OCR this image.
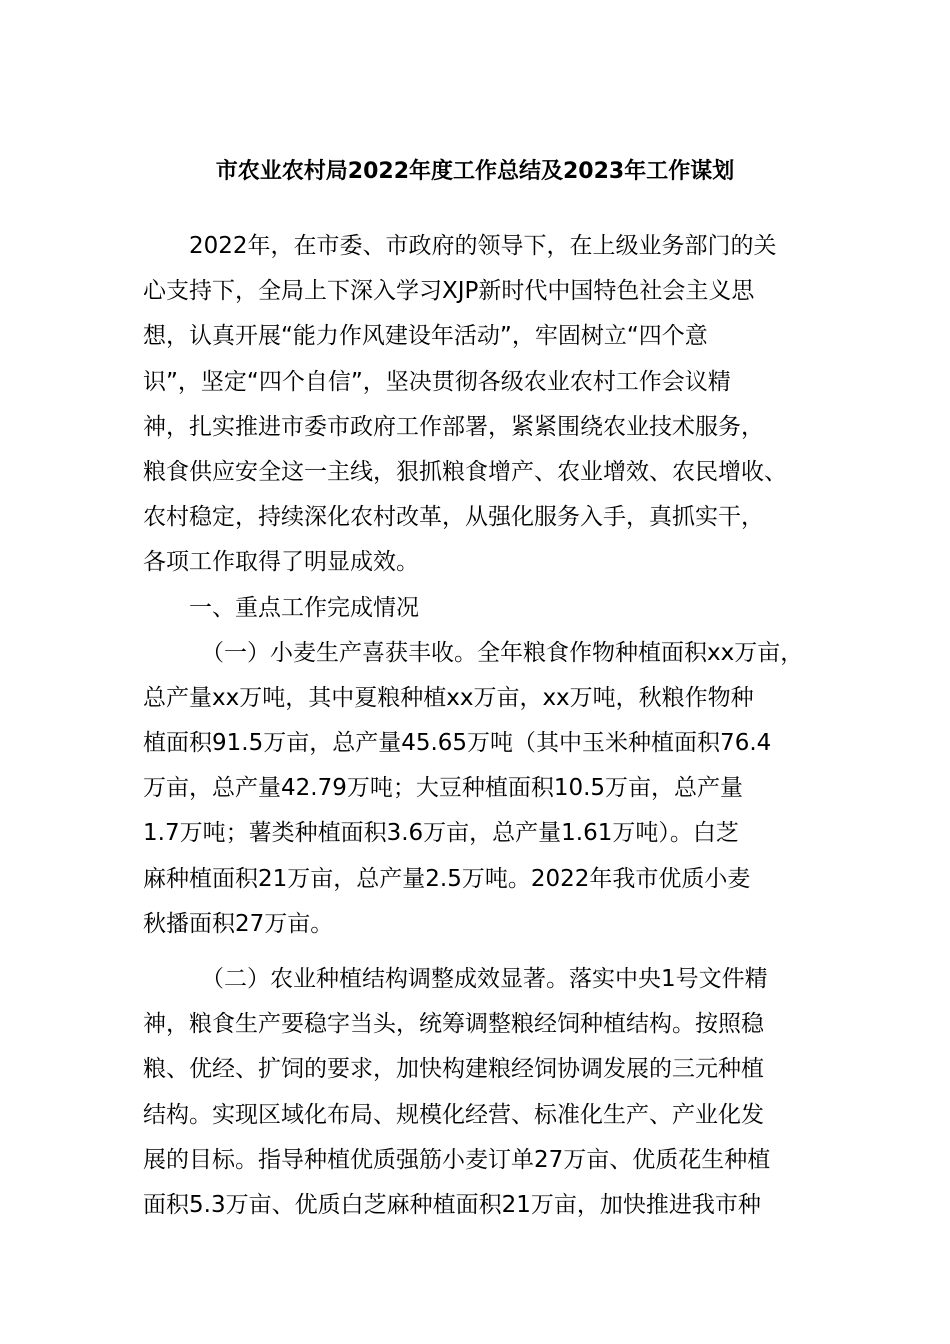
市农业农村局2022年度工作总结及2023年工作谋划
2022年，在市委、市政府的领导下，在上级业务部门的关
心支持下，全局上下深入学习XJP新时代中国特色社会主义思
想，认真开展“能力作风建设年活动”，牢固树立“四个意
识”，坚定“四个自信”，坚决贯彻各级农业农村工作会议精
神，扎实推进市委市政府工作部署，紧紧围绕农业技术服务，
粮食供应安全这一主线，狠抓粮食增产、农业增效、农民增收、
农村稳定，持续深化农村改革，从强化服务入手，真抓实干，
各项工作取得了明显成效。
一、重点工作完成情况
（一）小麦生产喜获丰收。全年粮食作物种植面积xx万亩，
总产量xx万吨，其中夏粮种植xx万亩，xx万吨，秋粮作物种
植面积91.5万亩，总产量45.65万吨（其中玉米种植面积76.4
万亩，总产量42.79万吨；大豆种植面积10.5万亩，总产量
1.7万吨；薯类种植面积3.6万亩，总产量1.61万吨）。白芝
麻种植面积21万亩，总产量2.5万吨。2022年我市优质小麦
秋播面积27万亩。
（二）农业种植结构调整成效显著。落实中央1号文件精
神，粮食生产要稳字当头，统筹调整粮经饲种植结构。按照稳
粮、优经、扩饲的要求，加快构建粮经饲协调发展的三元种植
结构。实现区域化布局、规模化经营、标准化生产、产业化发
展的目标。指导种植优质强筋小麦订单27万亩、优质花生种植
面积5.3万亩、优质白芝麻种植面积21万亩，加快推进我市种
